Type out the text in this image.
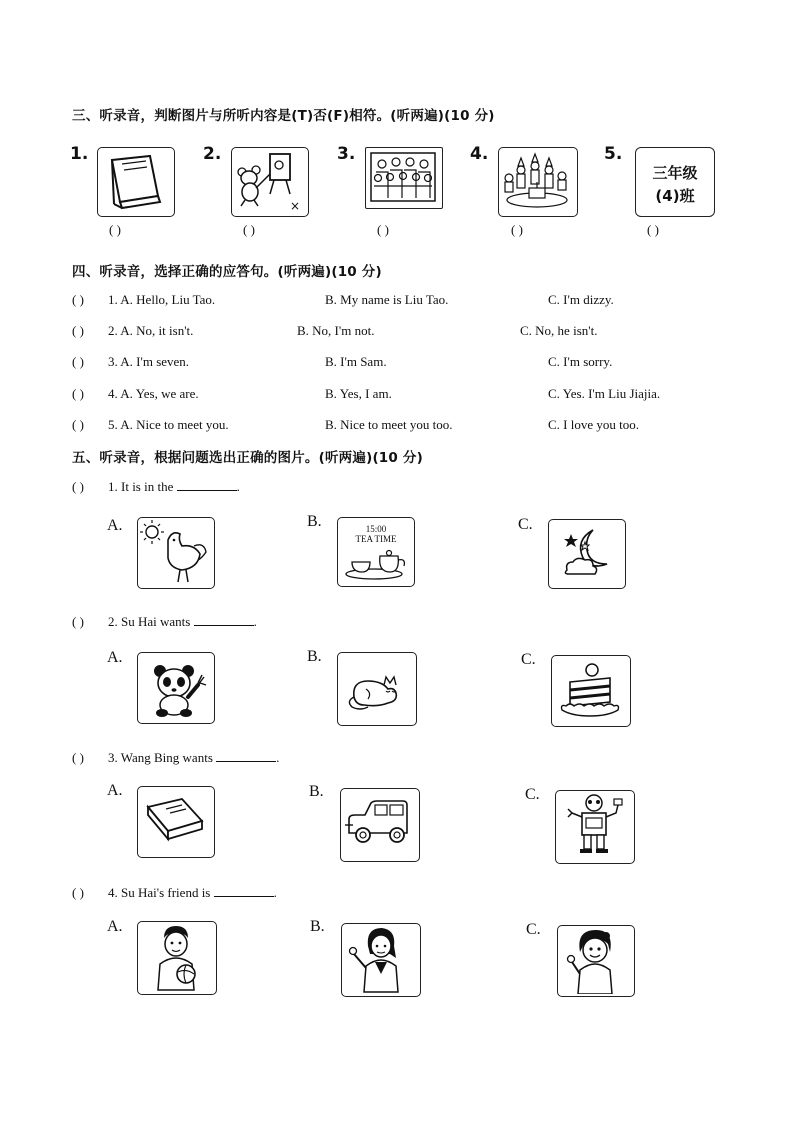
三、听录音，判断图片与所听内容是(T)否(F)相符。(听两遍)(10 分)
1.
( )
2.
×
( )
3.
( )
4.
( )
5.
三年级
(4)班
( )
四、听录音，选择正确的应答句。(听两遍)(10 分)
( ) 1. A. Hello, Liu Tao.	B. My name is Liu Tao.	C. I'm dizzy.
( ) 2. A. No, it isn't.	B. No, I'm not.	C. No, he isn't.
( ) 3. A. I'm seven.	B. I'm Sam.	C. I'm sorry.
( ) 4. A. Yes, we are.	B. Yes, I am.	C. Yes. I'm Liu Jiajia.
( ) 5. A. Nice to meet you.	B. Nice to meet you too.	C. I love you too.
五、听录音，根据问题选出正确的图片。(听两遍)(10 分)
( ) 1. It is in the	.
A.	B.	15:00
TEA TIME
C.
( ) 2. Su Hai wants	.
A.	B.	C.
( ) 3. Wang Bing wants	.
A.	B.	C.
( ) 4. Su Hai's friend is	.
A.	B.	C.
